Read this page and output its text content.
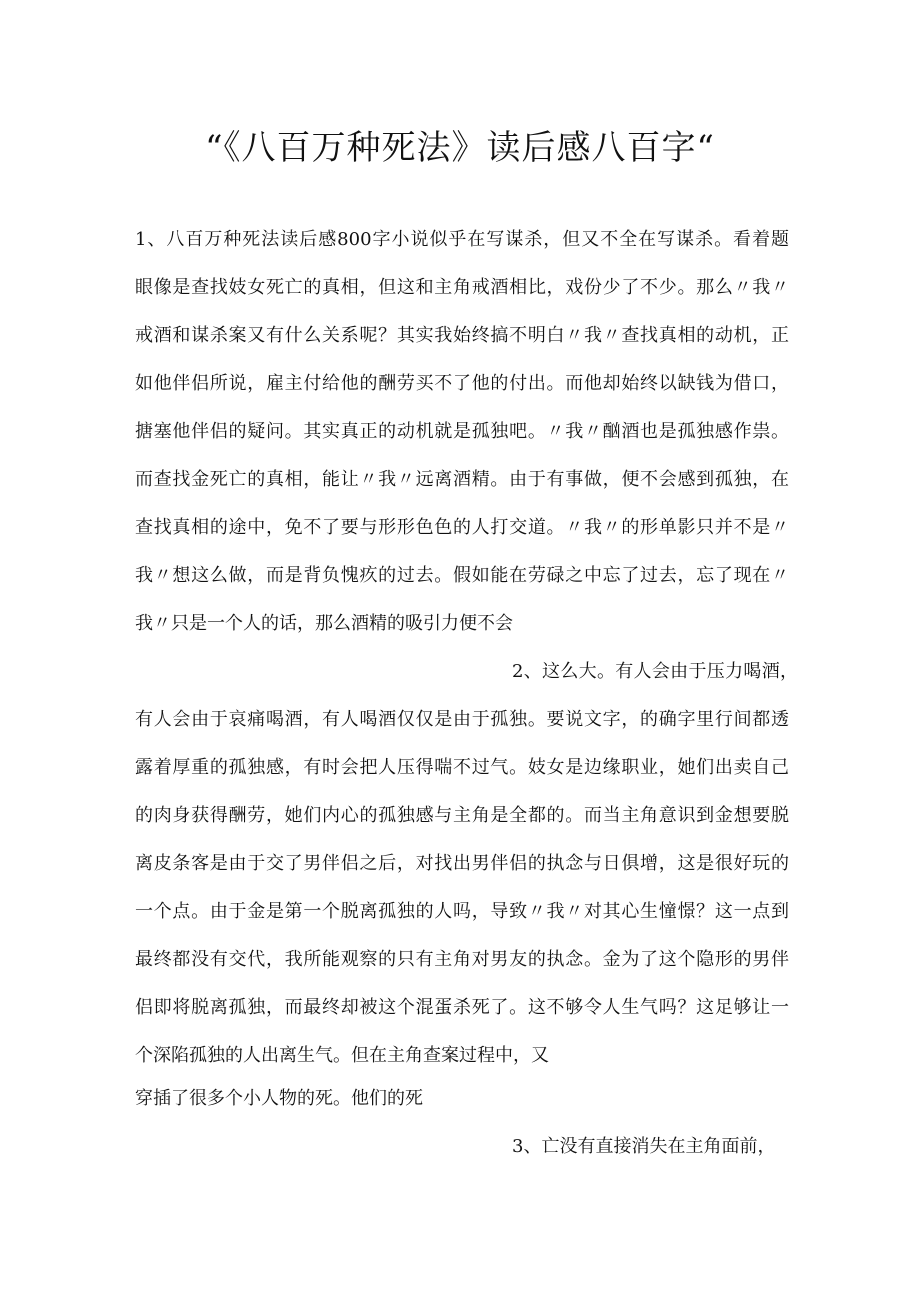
“《八百万种死法》读后感八百字“
1、八百万种死法读后感800字小说似乎在写谋杀，但又不全在写谋杀。看着题
眼像是查找妓女死亡的真相，但这和主角戒酒相比，戏份少了不少。那么〃我〃
戒酒和谋杀案又有什么关系呢？其实我始终搞不明白〃我〃查找真相的动机，正
如他伴侣所说，雇主付给他的酬劳买不了他的付出。而他却始终以缺钱为借口，
搪塞他伴侣的疑问。其实真正的动机就是孤独吧。〃我〃酗酒也是孤独感作祟。
而查找金死亡的真相，能让〃我〃远离酒精。由于有事做，便不会感到孤独，在
查找真相的途中，免不了要与形形色色的人打交道。〃我〃的形单影只并不是〃
我〃想这么做，而是背负愧疚的过去。假如能在劳碌之中忘了过去，忘了现在〃
我〃只是一个人的话，那么酒精的吸引力便不会
2、这么大。有人会由于压力喝酒，
有人会由于哀痛喝酒，有人喝酒仅仅是由于孤独。要说文字，的确字里行间都透
露着厚重的孤独感，有时会把人压得喘不过气。妓女是边缘职业，她们出卖自己
的肉身获得酬劳，她们内心的孤独感与主角是全都的。而当主角意识到金想要脱
离皮条客是由于交了男伴侣之后，对找出男伴侣的执念与日俱增，这是很好玩的
一个点。由于金是第一个脱离孤独的人吗，导致〃我〃对其心生憧憬？这一点到
最终都没有交代，我所能观察的只有主角对男友的执念。金为了这个隐形的男伴
侣即将脱离孤独，而最终却被这个混蛋杀死了。这不够令人生气吗？这足够让一
个深陷孤独的人出离生气。但在主角查案过程中，又
穿插了很多个小人物的死。他们的死
3、亡没有直接消失在主角面前，
